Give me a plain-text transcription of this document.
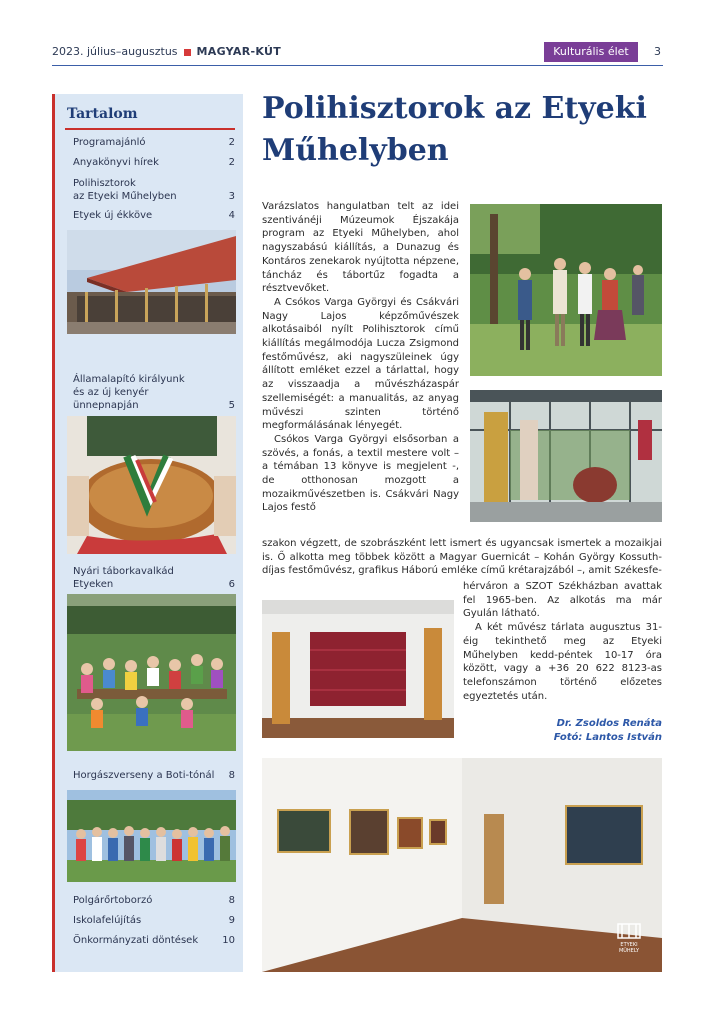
2023. július–augusztus MAGYAR-KÚT	Kulturális élet	3
Tartalom
Programajánló	2
Anyakönyvi hírek	2
Polihisztorok
az Etyeki Műhelyben	3
Etyek új ékköve	4
Államalapító királyunk
és az új kenyér ünnepnapján	5
Nyári táborkavalkád Etyeken	6
Horgászverseny a Boti-tónál	8
Polgárőrtoborzó	8
Iskolafelújítás	9
Önkormányzati döntések	10
Polihisztorok az Etyeki Műhelyben

Varázslatos hangulatban telt az idei szentivánéji Múzeumok Éjszakája program az Etyeki Műhelyben, ahol nagyszabású kiállítás, a Dunazug és Kontáros zenekarok nyújtotta népzene, táncház és tábortűz fogadta a résztvevőket.

A Csókos Varga Györgyi és Csákvári Nagy Lajos képzőművészek alkotásaiból nyílt Polihisztorok című kiállítás megálmodója Lucza Zsigmond festőművész, aki nagyszüleinek úgy állított emléket ezzel a tárlattal, hogy az visszaadja a művészházaspár szellemiségét: a manualitás, az anyag művészi szinten történő megformálásának lényegét.

Csókos Varga Györgyi elsősorban a szövés, a fonás, a textil mestere volt – a témában 13 könyve is megjelent -, de otthonosan mozgott a mozaikművészetben is. Csákvári Nagy Lajos festő

szakon végzett, de szobrászként lett ismert és ugyancsak ismertek a mozaikjai is. Ő alkotta meg többek között a Magyar Guernicát – Kohán György Kossuth-díjas festőművész, grafikus Háború emléke című krétarajzából –, amit Székesfe-

hérváron a SZOT Székházban avattak fel 1965-ben. Az alkotás ma már Gyulán látható.

A két művész tárlata augusztus 31-éig tekinthető meg az Etyeki Műhelyben kedd-péntek 10-17 óra között, vagy a +36 20 622 8123-as telefonszámon történő előzetes egyeztetés után.

Dr. Zsoldos Renáta
Fotó: Lantos István
ETYEKI
MŰHELY
